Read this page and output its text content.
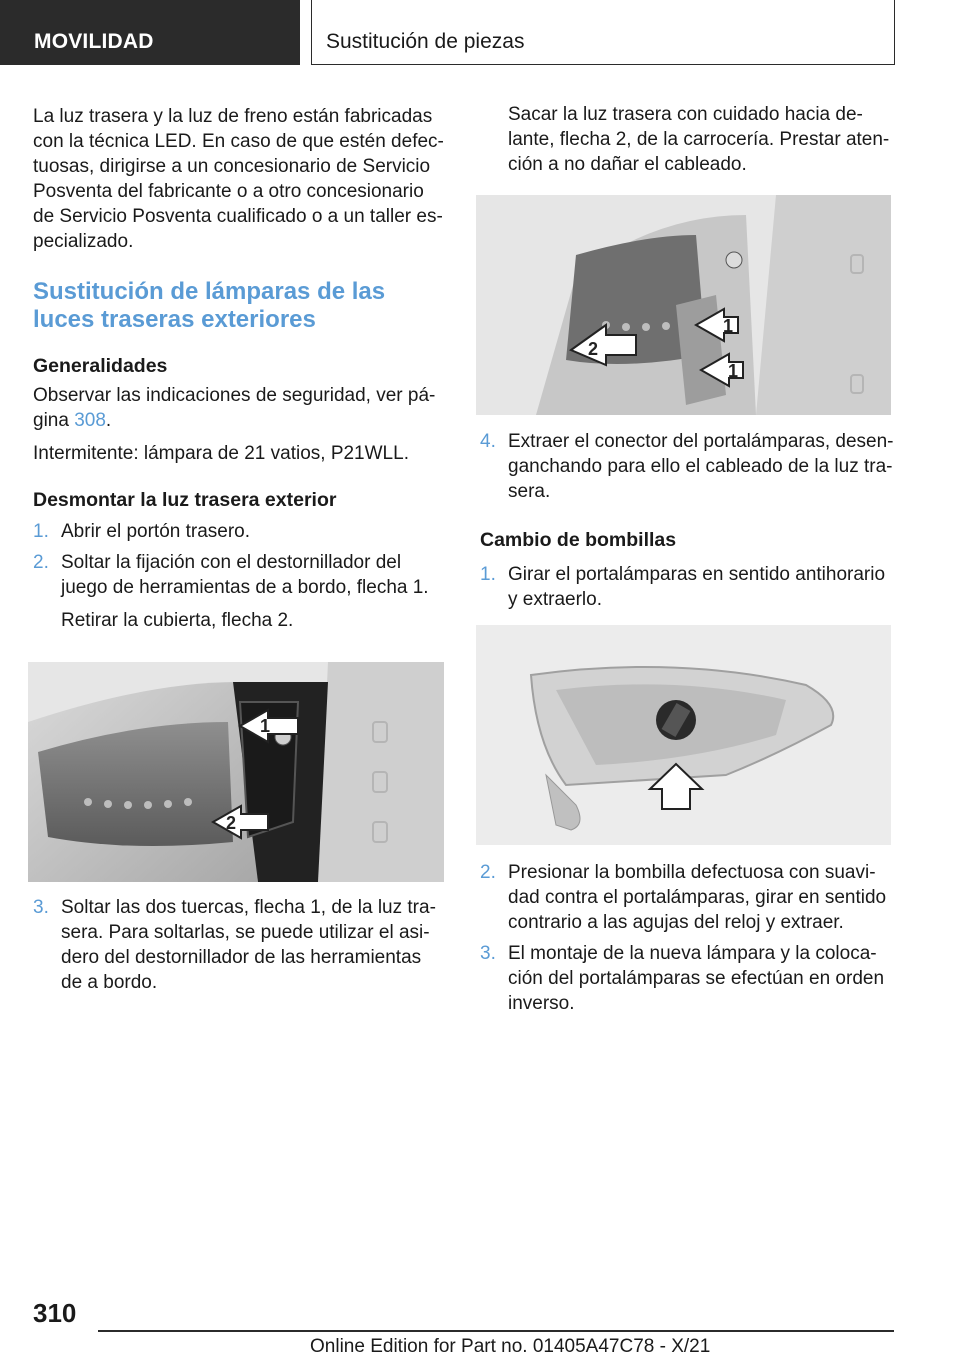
MOVILIDAD	Sustitución de piezas

La luz trasera y la luz de freno están fabricadas con la técnica LED. En caso de que estén defec- tuosas, dirigirse a un concesionario de Servicio Posventa del fabricante o a otro concesionario de Servicio Posventa cualificado o a un taller es- pecializado.

Sustitución de lámparas de las luces traseras exteriores
Generalidades

Observar las indicaciones de seguridad, ver pá- gina 308.

Intermitente: lámpara de 21 vatios, P21WLL.

Desmontar la luz trasera exterior
1. Abrir el portón trasero.
2. Soltar la fijación con el destornillador del juego de herramientas de a bordo, flecha 1.

Retirar la cubierta, flecha 2.

1
2
3. Soltar las dos tuercas, flecha 1, de la luz tra- sera. Para soltarlas, se puede utilizar el asi- dero del destornillador de las herramientas de a bordo.

Sacar la luz trasera con cuidado hacia de- lante, flecha 2, de la carrocería. Prestar aten- ción a no dañar el cableado.

1
1
2
4. Extraer el conector del portalámparas, desen- ganchando para ello el cableado de la luz tra- sera.
Cambio de bombillas
1. Girar el portalámparas en sentido antihorario y extraerlo.
2. Presionar la bombilla defectuosa con suavi- dad contra el portalámparas, girar en sentido contrario a las agujas del reloj y extraer.
3. El montaje de la nueva lámpara y la coloca- ción del portalámparas se efectúan en orden inverso.
310
Online Edition for Part no. 01405A47C78 - X/21
